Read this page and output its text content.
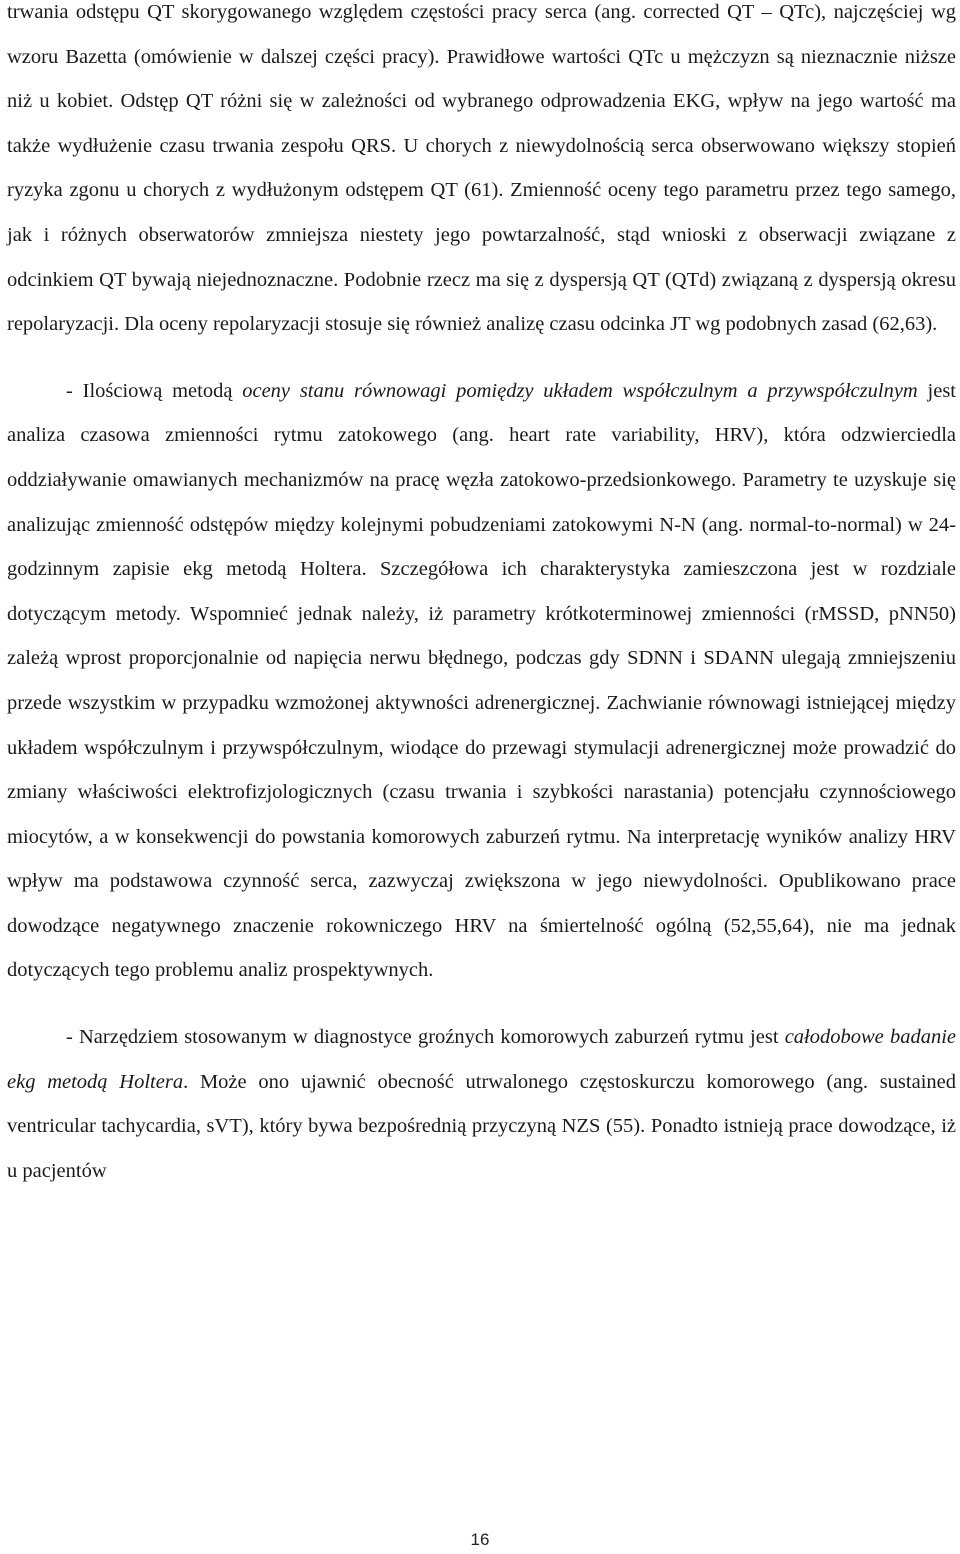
trwania odstępu QT skorygowanego względem częstości pracy serca (ang. corrected QT – QTc), najczęściej wg wzoru Bazetta (omówienie w dalszej części pracy). Prawidłowe wartości QTc u mężczyzn są nieznacznie niższe niż u kobiet. Odstęp QT różni się w zależności od wybranego odprowadzenia EKG, wpływ na jego wartość ma także wydłużenie czasu trwania zespołu QRS. U chorych z niewydolnością serca obserwowano większy stopień ryzyka zgonu u chorych z wydłużonym odstępem QT (61). Zmienność oceny tego parametru przez tego samego, jak i różnych obserwatorów zmniejsza niestety jego powtarzalność, stąd wnioski z obserwacji związane z odcinkiem QT bywają niejednoznaczne. Podobnie rzecz ma się z dyspersją QT (QTd) związaną z dyspersją okresu repolaryzacji. Dla oceny repolaryzacji stosuje się również analizę czasu odcinka JT wg podobnych zasad (62,63).

- Ilościową metodą oceny stanu równowagi pomiędzy układem współczulnym a przywspółczulnym jest analiza czasowa zmienności rytmu zatokowego (ang. heart rate variability, HRV), która odzwierciedla oddziaływanie omawianych mechanizmów na pracę węzła zatokowo-przedsionkowego. Parametry te uzyskuje się analizując zmienność odstępów między kolejnymi pobudzeniami zatokowymi N-N (ang. normal-to-normal) w 24-godzinnym zapisie ekg metodą Holtera. Szczegółowa ich charakterystyka zamieszczona jest w rozdziale dotyczącym metody. Wspomnieć jednak należy, iż parametry krótkoterminowej zmienności (rMSSD, pNN50) zależą wprost proporcjonalnie od napięcia nerwu błędnego, podczas gdy SDNN i SDANN ulegają zmniejszeniu przede wszystkim w przypadku wzmożonej aktywności adrenergicznej. Zachwianie równowagi istniejącej między układem współczulnym i przywspółczulnym, wiodące do przewagi stymulacji adrenergicznej może prowadzić do zmiany właściwości elektrofizjologicznych (czasu trwania i szybkości narastania) potencjału czynnościowego miocytów, a w konsekwencji do powstania komorowych zaburzeń rytmu. Na interpretację wyników analizy HRV wpływ ma podstawowa czynność serca, zazwyczaj zwiększona w jego niewydolności. Opublikowano prace dowodzące negatywnego znaczenie rokowniczego HRV na śmiertelność ogólną (52,55,64), nie ma jednak dotyczących tego problemu analiz prospektywnych.

- Narzędziem stosowanym w diagnostyce groźnych komorowych zaburzeń rytmu jest całodobowe badanie ekg metodą Holtera. Może ono ujawnić obecność utrwalonego częstoskurczu komorowego (ang. sustained ventricular tachycardia, sVT), który bywa bezpośrednią przyczyną NZS (55). Ponadto istnieją prace dowodzące, iż u pacjentów

16
